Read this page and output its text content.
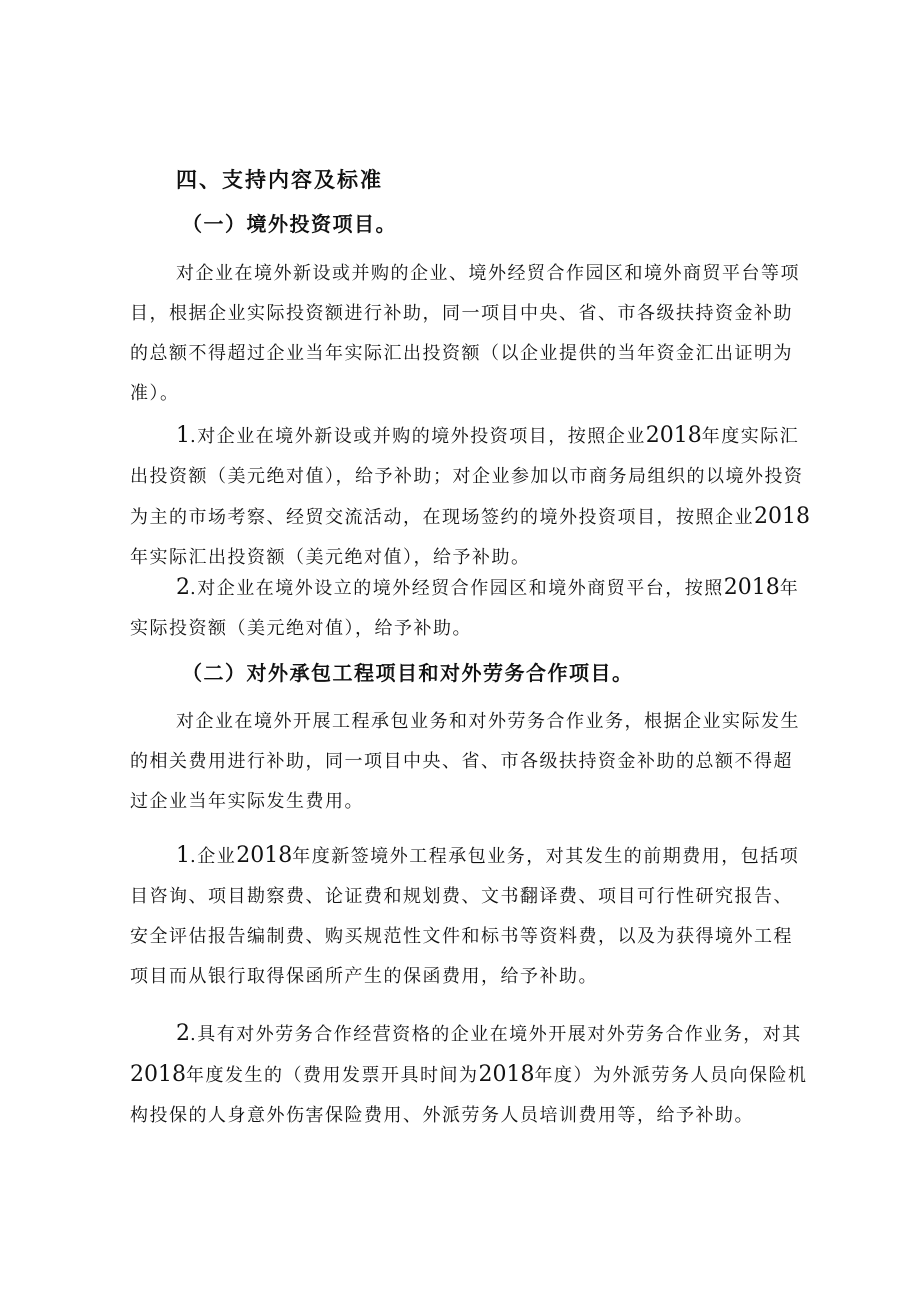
四、支持内容及标准
（一）境外投资项目。

对企业在境外新设或并购的企业、境外经贸合作园区和境外商贸平台等项目，根据企业实际投资额进行补助，同一项目中央、省、市各级扶持资金补助的总额不得超过企业当年实际汇出投资额（以企业提供的当年资金汇出证明为准）。

1.对企业在境外新设或并购的境外投资项目，按照企业2018年度实际汇出投资额（美元绝对值），给予补助；对企业参加以市商务局组织的以境外投资为主的市场考察、经贸交流活动，在现场签约的境外投资项目，按照企业2018年实际汇出投资额（美元绝对值），给予补助。

2.对企业在境外设立的境外经贸合作园区和境外商贸平台，按照2018年实际投资额（美元绝对值），给予补助。

（二）对外承包工程项目和对外劳务合作项目。

对企业在境外开展工程承包业务和对外劳务合作业务，根据企业实际发生的相关费用进行补助，同一项目中央、省、市各级扶持资金补助的总额不得超过企业当年实际发生费用。

1.企业2018年度新签境外工程承包业务，对其发生的前期费用，包括项目咨询、项目勘察费、论证费和规划费、文书翻译费、项目可行性研究报告、安全评估报告编制费、购买规范性文件和标书等资料费，以及为获得境外工程项目而从银行取得保函所产生的保函费用，给予补助。

2.具有对外劳务合作经营资格的企业在境外开展对外劳务合作业务，对其2018年度发生的（费用发票开具时间为2018年度）为外派劳务人员向保险机构投保的人身意外伤害保险费用、外派劳务人员培训费用等，给予补助。
